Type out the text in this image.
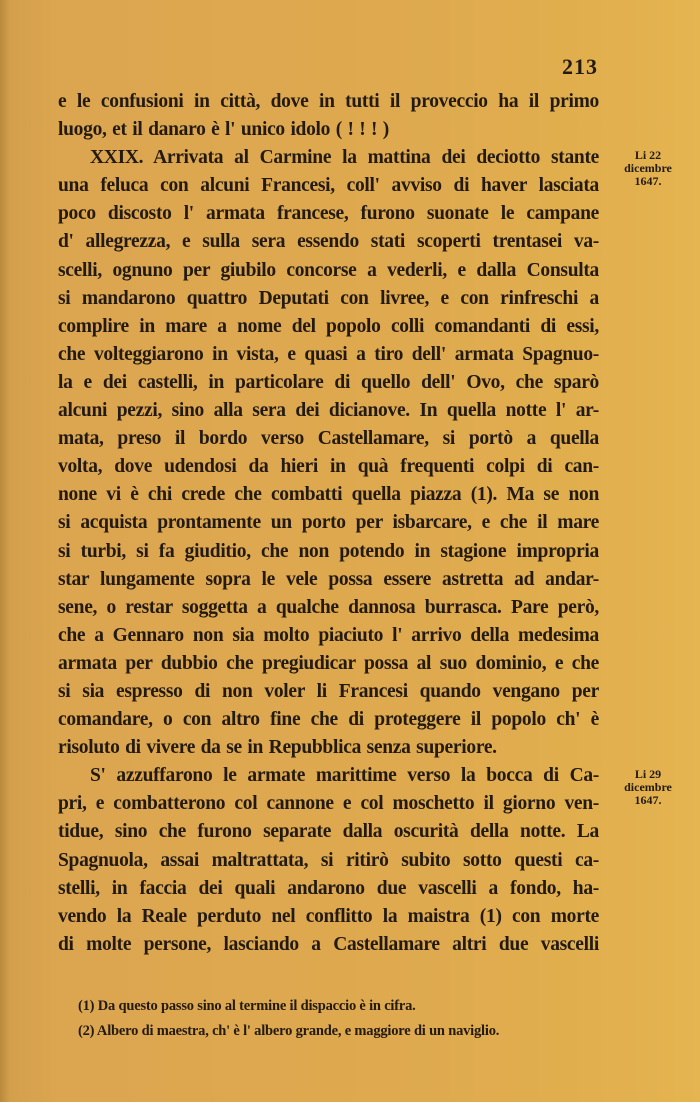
213
e le confusioni in città, dove in tutti il proveccio ha il primo
luogo, et il danaro è l' unico idolo ( ! ! ! )
XXIX. Arrivata al Carmine la mattina dei deciotto stante
una feluca con alcuni Francesi, coll' avviso di haver lasciata
poco discosto l' armata francese, furono suonate le campane
d' allegrezza, e sulla sera essendo stati scoperti trentasei va-
scelli, ognuno per giubilo concorse a vederli, e dalla Consulta
si mandarono quattro Deputati con livree, e con rinfreschi a
complire in mare a nome del popolo colli comandanti di essi,
che volteggiarono in vista, e quasi a tiro dell' armata Spagnuo-
la e dei castelli, in particolare di quello dell' Ovo, che sparò
alcuni pezzi, sino alla sera dei dicianove. In quella notte l' ar-
mata, preso il bordo verso Castellamare, si portò a quella
volta, dove udendosi da hieri in quà frequenti colpi di can-
none vi è chi crede che combatti quella piazza (1). Ma se non
si acquista prontamente un porto per isbarcare, e che il mare
si turbi, si fa giuditio, che non potendo in stagione impropria
star lungamente sopra le vele possa essere astretta ad andar-
sene, o restar soggetta a qualche dannosa burrasca. Pare però,
che a Gennaro non sia molto piaciuto l' arrivo della medesima
armata per dubbio che pregiudicar possa al suo dominio, e che
si sia espresso di non voler li Francesi quando vengano per
comandare, o con altro fine che di proteggere il popolo ch' è
risoluto di vivere da se in Repubblica senza superiore.
S' azzuffarono le armate marittime verso la bocca di Ca-
pri, e combatterono col cannone e col moschetto il giorno ven-
tidue, sino che furono separate dalla oscurità della notte. La
Spagnuola, assai maltrattata, si ritirò subito sotto questi ca-
stelli, in faccia dei quali andarono due vascelli a fondo, ha-
vendo la Reale perduto nel conflitto la maistra (1) con morte
di molte persone, lasciando a Castellamare altri due vascelli
Li 22
dicembre
1647.
Li 29
dicembre
1647.
(1) Da questo passo sino al termine il dispaccio è in cifra.
(2) Albero di maestra, ch' è l' albero grande, e maggiore di un naviglio.
